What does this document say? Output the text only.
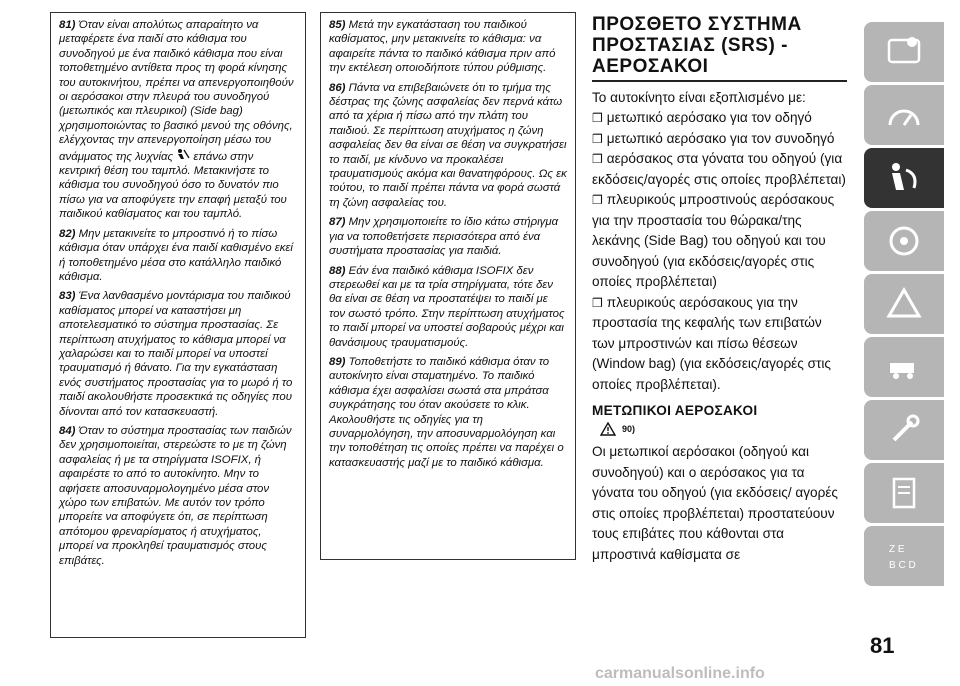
81) Όταν είναι απολύτως απαραίτητο να μεταφέρετε ένα παιδί στο κάθισμα του συνοδηγού με ένα παιδικό κάθισμα που είναι τοποθετημένο αντίθετα προς τη φορά κίνησης του αυτοκινήτου, πρέπει να απενεργοποιηθούν οι αερόσακοι στην πλευρά του συνοδηγού (μετωπικός και πλευρικοί) (Side bag) χρησιμοποιώντας το βασικό μενού της οθόνης, ελέγχοντας την απενεργοποίηση μέσω του ανάμματος της λυχνίας επάνω στην κεντρική θέση του ταμπλό. Μετακινήστε το κάθισμα του συνοδηγού όσο το δυνατόν πιο πίσω για να αποφύγετε την επαφή μεταξύ του παιδικού καθίσματος και του ταμπλό.

82) Μην μετακινείτε το μπροστινό ή το πίσω κάθισμα όταν υπάρχει ένα παιδί καθισμένο εκεί ή τοποθετημένο μέσα στο κατάλληλο παιδικό κάθισμα.

83) Ένα λανθασμένο μοντάρισμα του παιδικού καθίσματος μπορεί να καταστήσει μη αποτελεσματικό το σύστημα προστασίας. Σε περίπτωση ατυχήματος το κάθισμα μπορεί να χαλαρώσει και το παιδί μπορεί να υποστεί τραυματισμό ή θάνατο. Για την εγκατάσταση ενός συστήματος προστασίας για το μωρό ή το παιδί ακολουθήστε προσεκτικά τις οδηγίες που δίνονται από τον κατασκευαστή.

84) Όταν το σύστημα προστασίας των παιδιών δεν χρησιμοποιείται, στερεώστε το με τη ζώνη ασφαλείας ή με τα στηρίγματα ISOFIX, ή αφαιρέστε το από το αυτοκίνητο. Μην το αφήσετε αποσυναρμολογημένο μέσα στον χώρο των επιβατών. Με αυτόν τον τρόπο μπορείτε να αποφύγετε ότι, σε περίπτωση απότομου φρεναρίσματος ή ατυχήματος, μπορεί να προκληθεί τραυματισμός στους επιβάτες.

85) Μετά την εγκατάσταση του παιδικού καθίσματος, μην μετακινείτε το κάθισμα: να αφαιρείτε πάντα το παιδικό κάθισμα πριν από την εκτέλεση οποιοδήποτε τύπου ρύθμισης.

86) Πάντα να επιβεβαιώνετε ότι το τμήμα της δέστρας της ζώνης ασφαλείας δεν περνά κάτω από τα χέρια ή πίσω από την πλάτη του παιδιού. Σε περίπτωση ατυχήματος η ζώνη ασφαλείας δεν θα είναι σε θέση να συγκρατήσει το παιδί, με κίνδυνο να προκαλέσει τραυματισμούς ακόμα και θανατηφόρους. Ως εκ τούτου, το παιδί πρέπει πάντα να φορά σωστά τη ζώνη ασφαλείας του.

87) Μην χρησιμοποιείτε το ίδιο κάτω στήριγμα για να τοποθετήσετε περισσότερα από ένα συστήματα προστασίας για παιδιά.

88) Εάν ένα παιδικό κάθισμα ISOFIX δεν στερεωθεί και με τα τρία στηρίγματα, τότε δεν θα είναι σε θέση να προστατέψει το παιδί με τον σωστό τρόπο. Στην περίπτωση ατυχήματος το παιδί μπορεί να υποστεί σοβαρούς μέχρι και θανάσιμους τραυματισμούς.

89) Τοποθετήστε το παιδικό κάθισμα όταν το αυτοκίνητο είναι σταματημένο. Το παιδικό κάθισμα έχει ασφαλίσει σωστά στα μπράτσα συγκράτησης του όταν ακούσετε το κλικ. Ακολουθήστε τις οδηγίες για τη συναρμολόγηση, την αποσυναρμολόγηση και την τοποθέτηση τις οποίες πρέπει να παρέχει ο κατασκευαστής μαζί με το παιδικό κάθισμα.

ΠΡΟΣΘΕΤΟ ΣΥΣΤΗΜΑ
ΠΡΟΣΤΑΣΙΑΣ (SRS) -
ΑΕΡΟΣΑΚΟΙ

Το αυτοκίνητο είναι εξοπλισμένο με:

❒ μετωπικό αερόσακο για τον οδηγό

❒ μετωπικό αερόσακο για τον συνοδηγό

❒ αερόσακος στα γόνατα του οδηγού (για εκδόσεις/αγορές στις οποίες προβλέπεται)

❒ πλευρικούς μπροστινούς αερόσακους για την προστασία του θώρακα/της λεκάνης (Side Bag) του οδηγού και του συνοδηγού (για εκδόσεις/αγορές στις οποίες προβλέπεται)

❒ πλευρικούς αερόσακους για την προστασία της κεφαλής των επιβατών των μπροστινών και πίσω θέσεων (Window bag) (για εκδόσεις/αγορές στις οποίες προβλέπεται).

ΜΕΤΩΠΙΚΟΙ ΑΕΡΟΣΑΚΟΙ
90)

Οι μετωπικοί αερόσακοι (οδηγού και συνοδηγού) και ο αερόσακος για τα γόνατα του οδηγού (για εκδόσεις/ αγορές στις οποίες προβλέπεται) προστατεύουν τους επιβάτες που κάθονται στα μπροστινά καθίσματα σε	Z E
B C D
81
carmanualsonline.info
